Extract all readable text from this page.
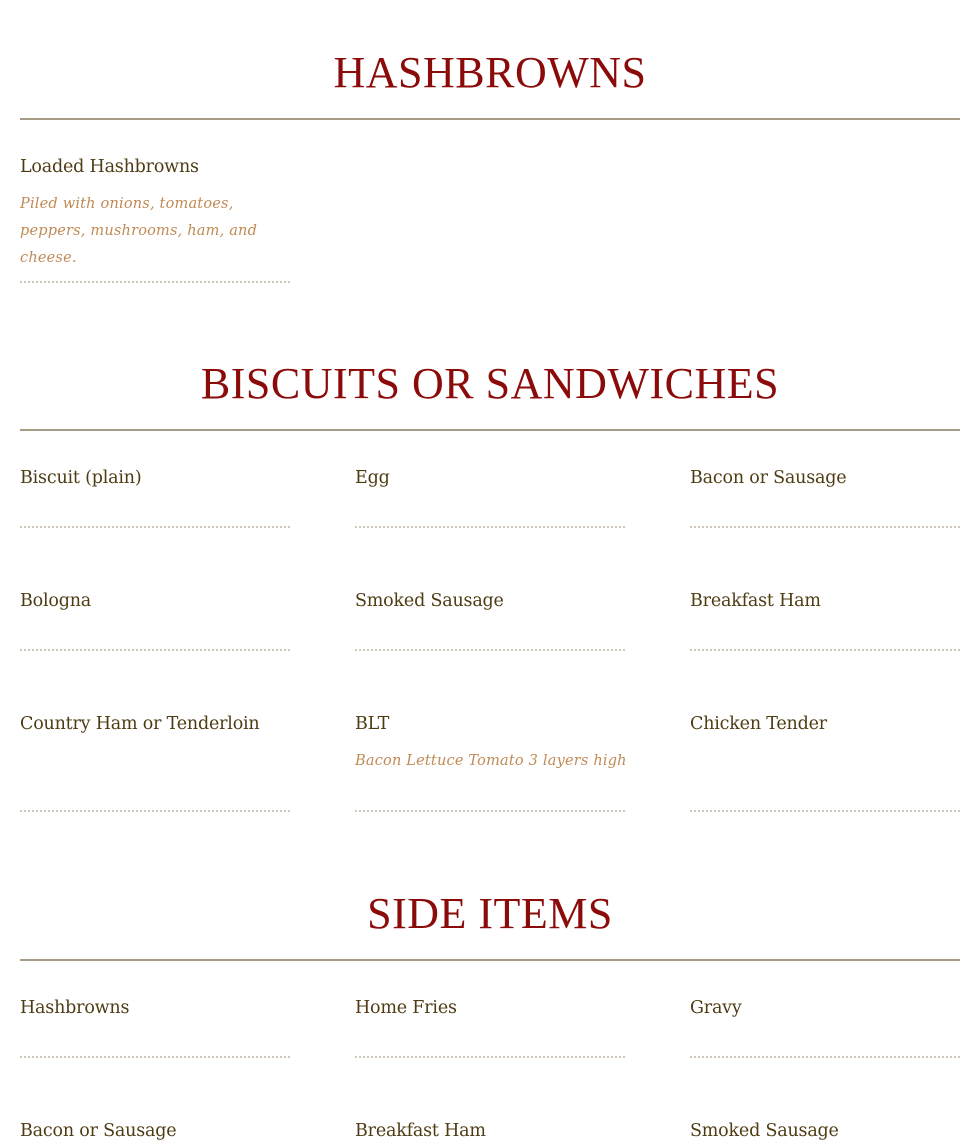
HASHBROWNS
Loaded Hashbrowns
Piled with onions, tomatoes, peppers, mushrooms, ham, and cheese.
BISCUITS OR SANDWICHES
Biscuit (plain)	Egg	Bacon or Sausage
Bologna	Smoked Sausage	Breakfast Ham
Country Ham or Tenderloin	BLT
Bacon Lettuce Tomato 3 layers high
Chicken Tender
SIDE ITEMS
Hashbrowns	Home Fries	Gravy
Bacon or Sausage	Breakfast Ham	Smoked Sausage
